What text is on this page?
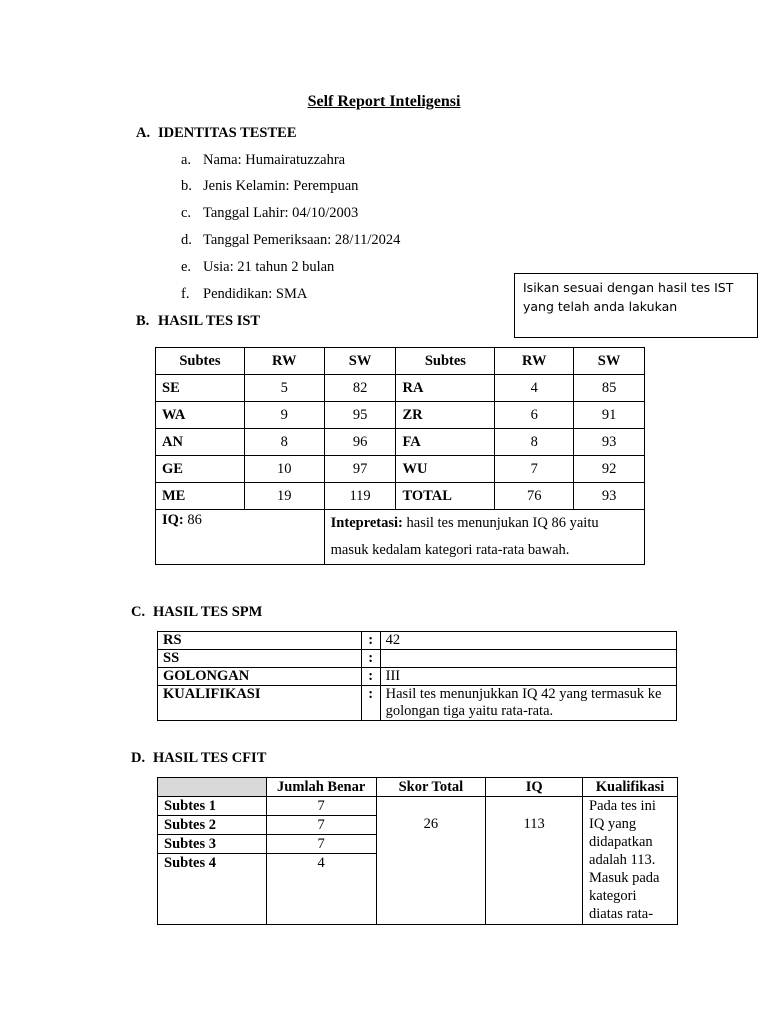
Self Report Inteligensi
A. IDENTITAS TESTEE
a. Nama: Humairatuzzahra
b. Jenis Kelamin: Perempuan
c. Tanggal Lahir: 04/10/2003
d. Tanggal Pemeriksaan: 28/11/2024
e. Usia: 21 tahun 2 bulan
f. Pendidikan: SMA	Isikan sesuai dengan hasil tes IST yang telah anda lakukan
B. HASIL TES IST
Subtes	RW	SW	Subtes	RW	SW
SE	5	82	RA	4	85
WA	9	95	ZR	6	91
AN	8	96	FA	8	93
GE	10	97	WU	7	92
ME	19	119	TOTAL	76	93
IQ: 86		Intepretasi: hasil tes menunjukan IQ 86 yaitu masuk kedalam kategori rata-rata bawah.			
C. HASIL TES SPM
RS	:	42
SS	:	
GOLONGAN	:	III
KUALIFIKASI	:	Hasil tes menunjukkan IQ 42 yang termasuk ke golongan tiga yaitu rata-rata.
D. HASIL TES CFIT
	Jumlah Benar	Skor Total	IQ	Kualifikasi
Subtes 1	7	26	113	Pada tes ini IQ yang didapatkan adalah 113. Masuk pada kategori diatas rata-

Subtes 2	7			
Subtes 3	7			
Subtes 4	4			
